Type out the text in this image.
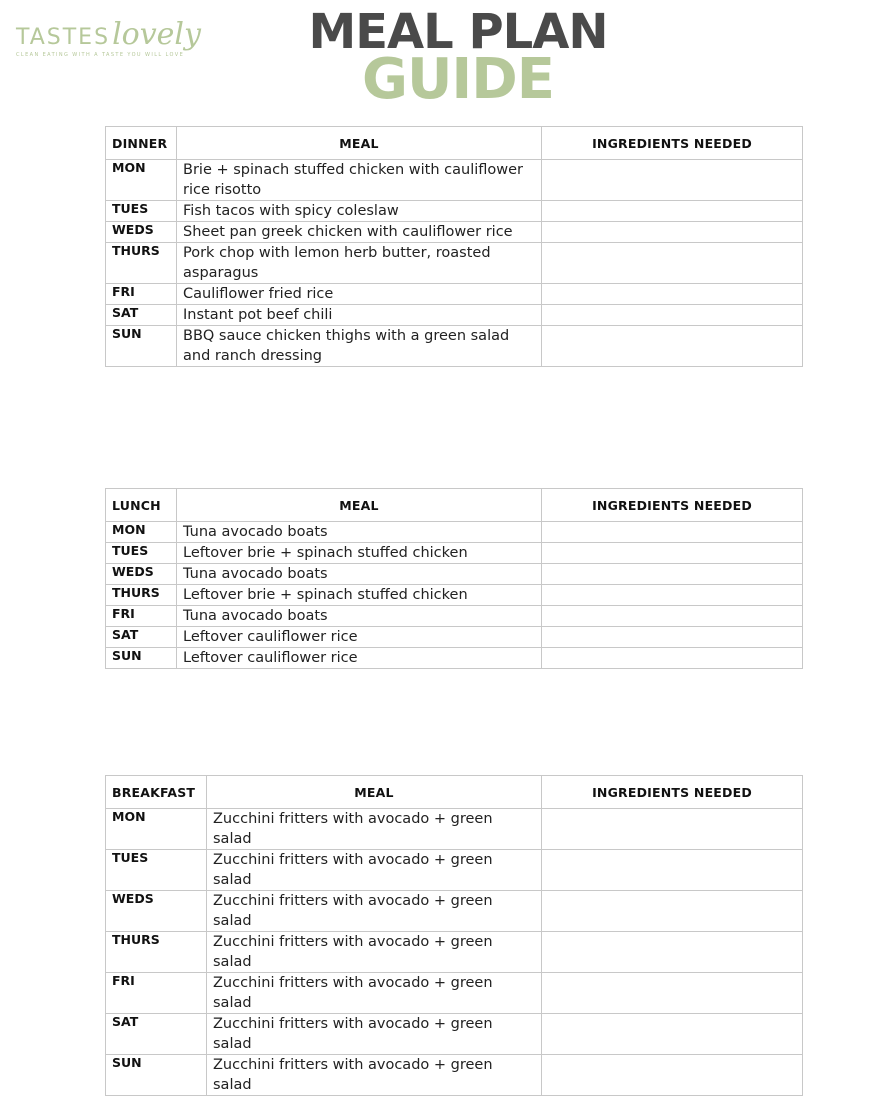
TASTESlovely
CLEAN EATING WITH A TASTE YOU WILL LOVE	MEAL PLAN
GUIDE
DINNER	MEAL	INGREDIENTS NEEDED
MON	Brie + spinach stuffed chicken with cauliflower rice risotto	
TUES	Fish tacos with spicy coleslaw	
WEDS	Sheet pan greek chicken with cauliflower rice	
THURS	Pork chop with lemon herb butter, roasted asparagus	
FRI	Cauliflower fried rice	
SAT	Instant pot beef chili	
SUN	BBQ sauce chicken thighs with a green salad and ranch dressing	
LUNCH	MEAL	INGREDIENTS NEEDED
MON	Tuna avocado boats	
TUES	Leftover brie + spinach stuffed chicken	
WEDS	Tuna avocado boats	
THURS	Leftover brie + spinach stuffed chicken	
FRI	Tuna avocado boats	
SAT	Leftover cauliflower rice	
SUN	Leftover cauliflower rice	
BREAKFAST	MEAL	INGREDIENTS NEEDED
MON	Zucchini fritters with avocado + green salad	
TUES	Zucchini fritters with avocado + green salad	
WEDS	Zucchini fritters with avocado + green salad	
THURS	Zucchini fritters with avocado + green salad	
FRI	Zucchini fritters with avocado + green salad	
SAT	Zucchini fritters with avocado + green salad	
SUN	Zucchini fritters with avocado + green salad	
